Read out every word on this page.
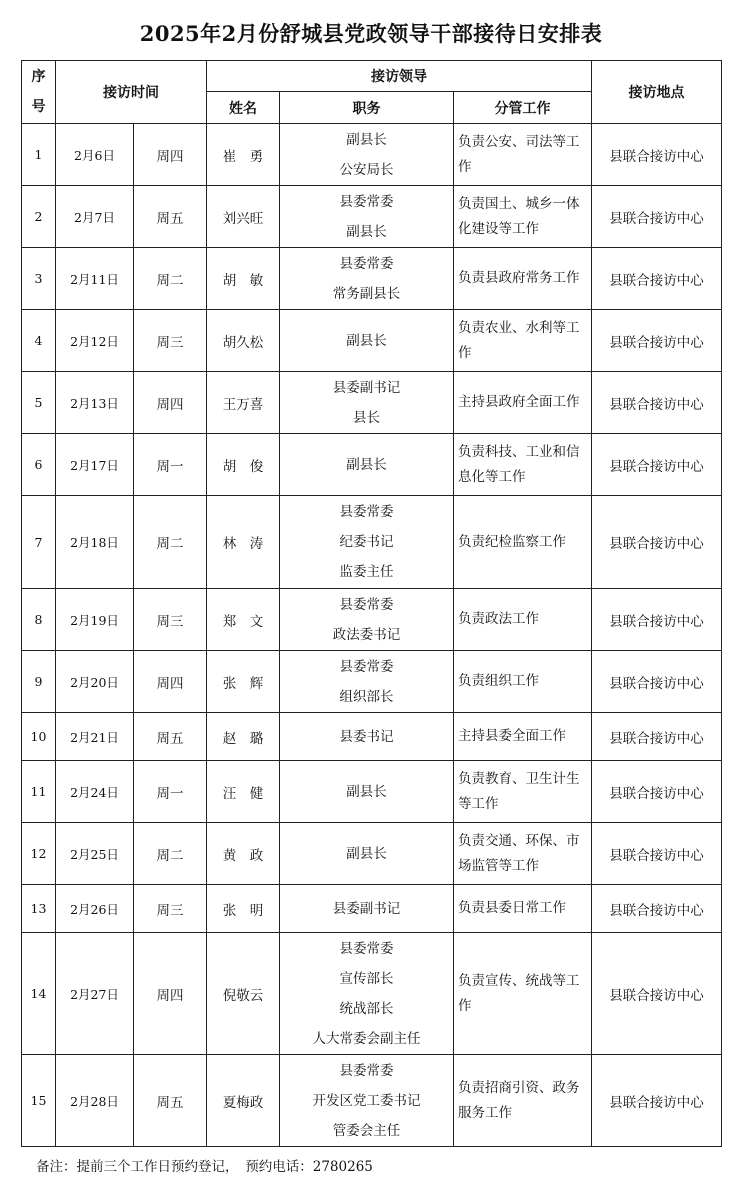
2025年2月份舒城县党政领导干部接待日安排表
序
号	接访时间		接访领导			接访地点
			姓名	职务	分管工作	
1	2月6日	周四	崔　勇	副县长
公安局长	负责公安、司法等工作	县联合接访中心
2	2月7日	周五	刘兴旺	县委常委
副县长	负责国土、城乡一体化建设等工作	县联合接访中心
3	2月11日	周二	胡　敏	县委常委
常务副县长	负责县政府常务工作	县联合接访中心
4	2月12日	周三	胡久松	副县长	负责农业、水利等工作	县联合接访中心
5	2月13日	周四	王万喜	县委副书记
县长	主持县政府全面工作	县联合接访中心
6	2月17日	周一	胡　俊	副县长	负责科技、工业和信息化等工作	县联合接访中心
7	2月18日	周二	林　涛	县委常委
纪委书记
监委主任	负责纪检监察工作	县联合接访中心
8	2月19日	周三	郑　文	县委常委
政法委书记	负责政法工作	县联合接访中心
9	2月20日	周四	张　辉	县委常委
组织部长	负责组织工作	县联合接访中心
10	2月21日	周五	赵　璐	县委书记	主持县委全面工作	县联合接访中心
11	2月24日	周一	汪　健	副县长	负责教育、卫生计生等工作	县联合接访中心
12	2月25日	周二	黄　政	副县长	负责交通、环保、市场监管等工作	县联合接访中心
13	2月26日	周三	张　明	县委副书记	负责县委日常工作	县联合接访中心
14	2月27日	周四	倪敬云	县委常委
宣传部长
统战部长
人大常委会副主任	负责宣传、统战等工作	县联合接访中心
15	2月28日	周五	夏梅政	县委常委
开发区党工委书记
管委会主任	负责招商引资、政务服务工作	县联合接访中心
备注：提前三个工作日预约登记，　预约电话：2780265
